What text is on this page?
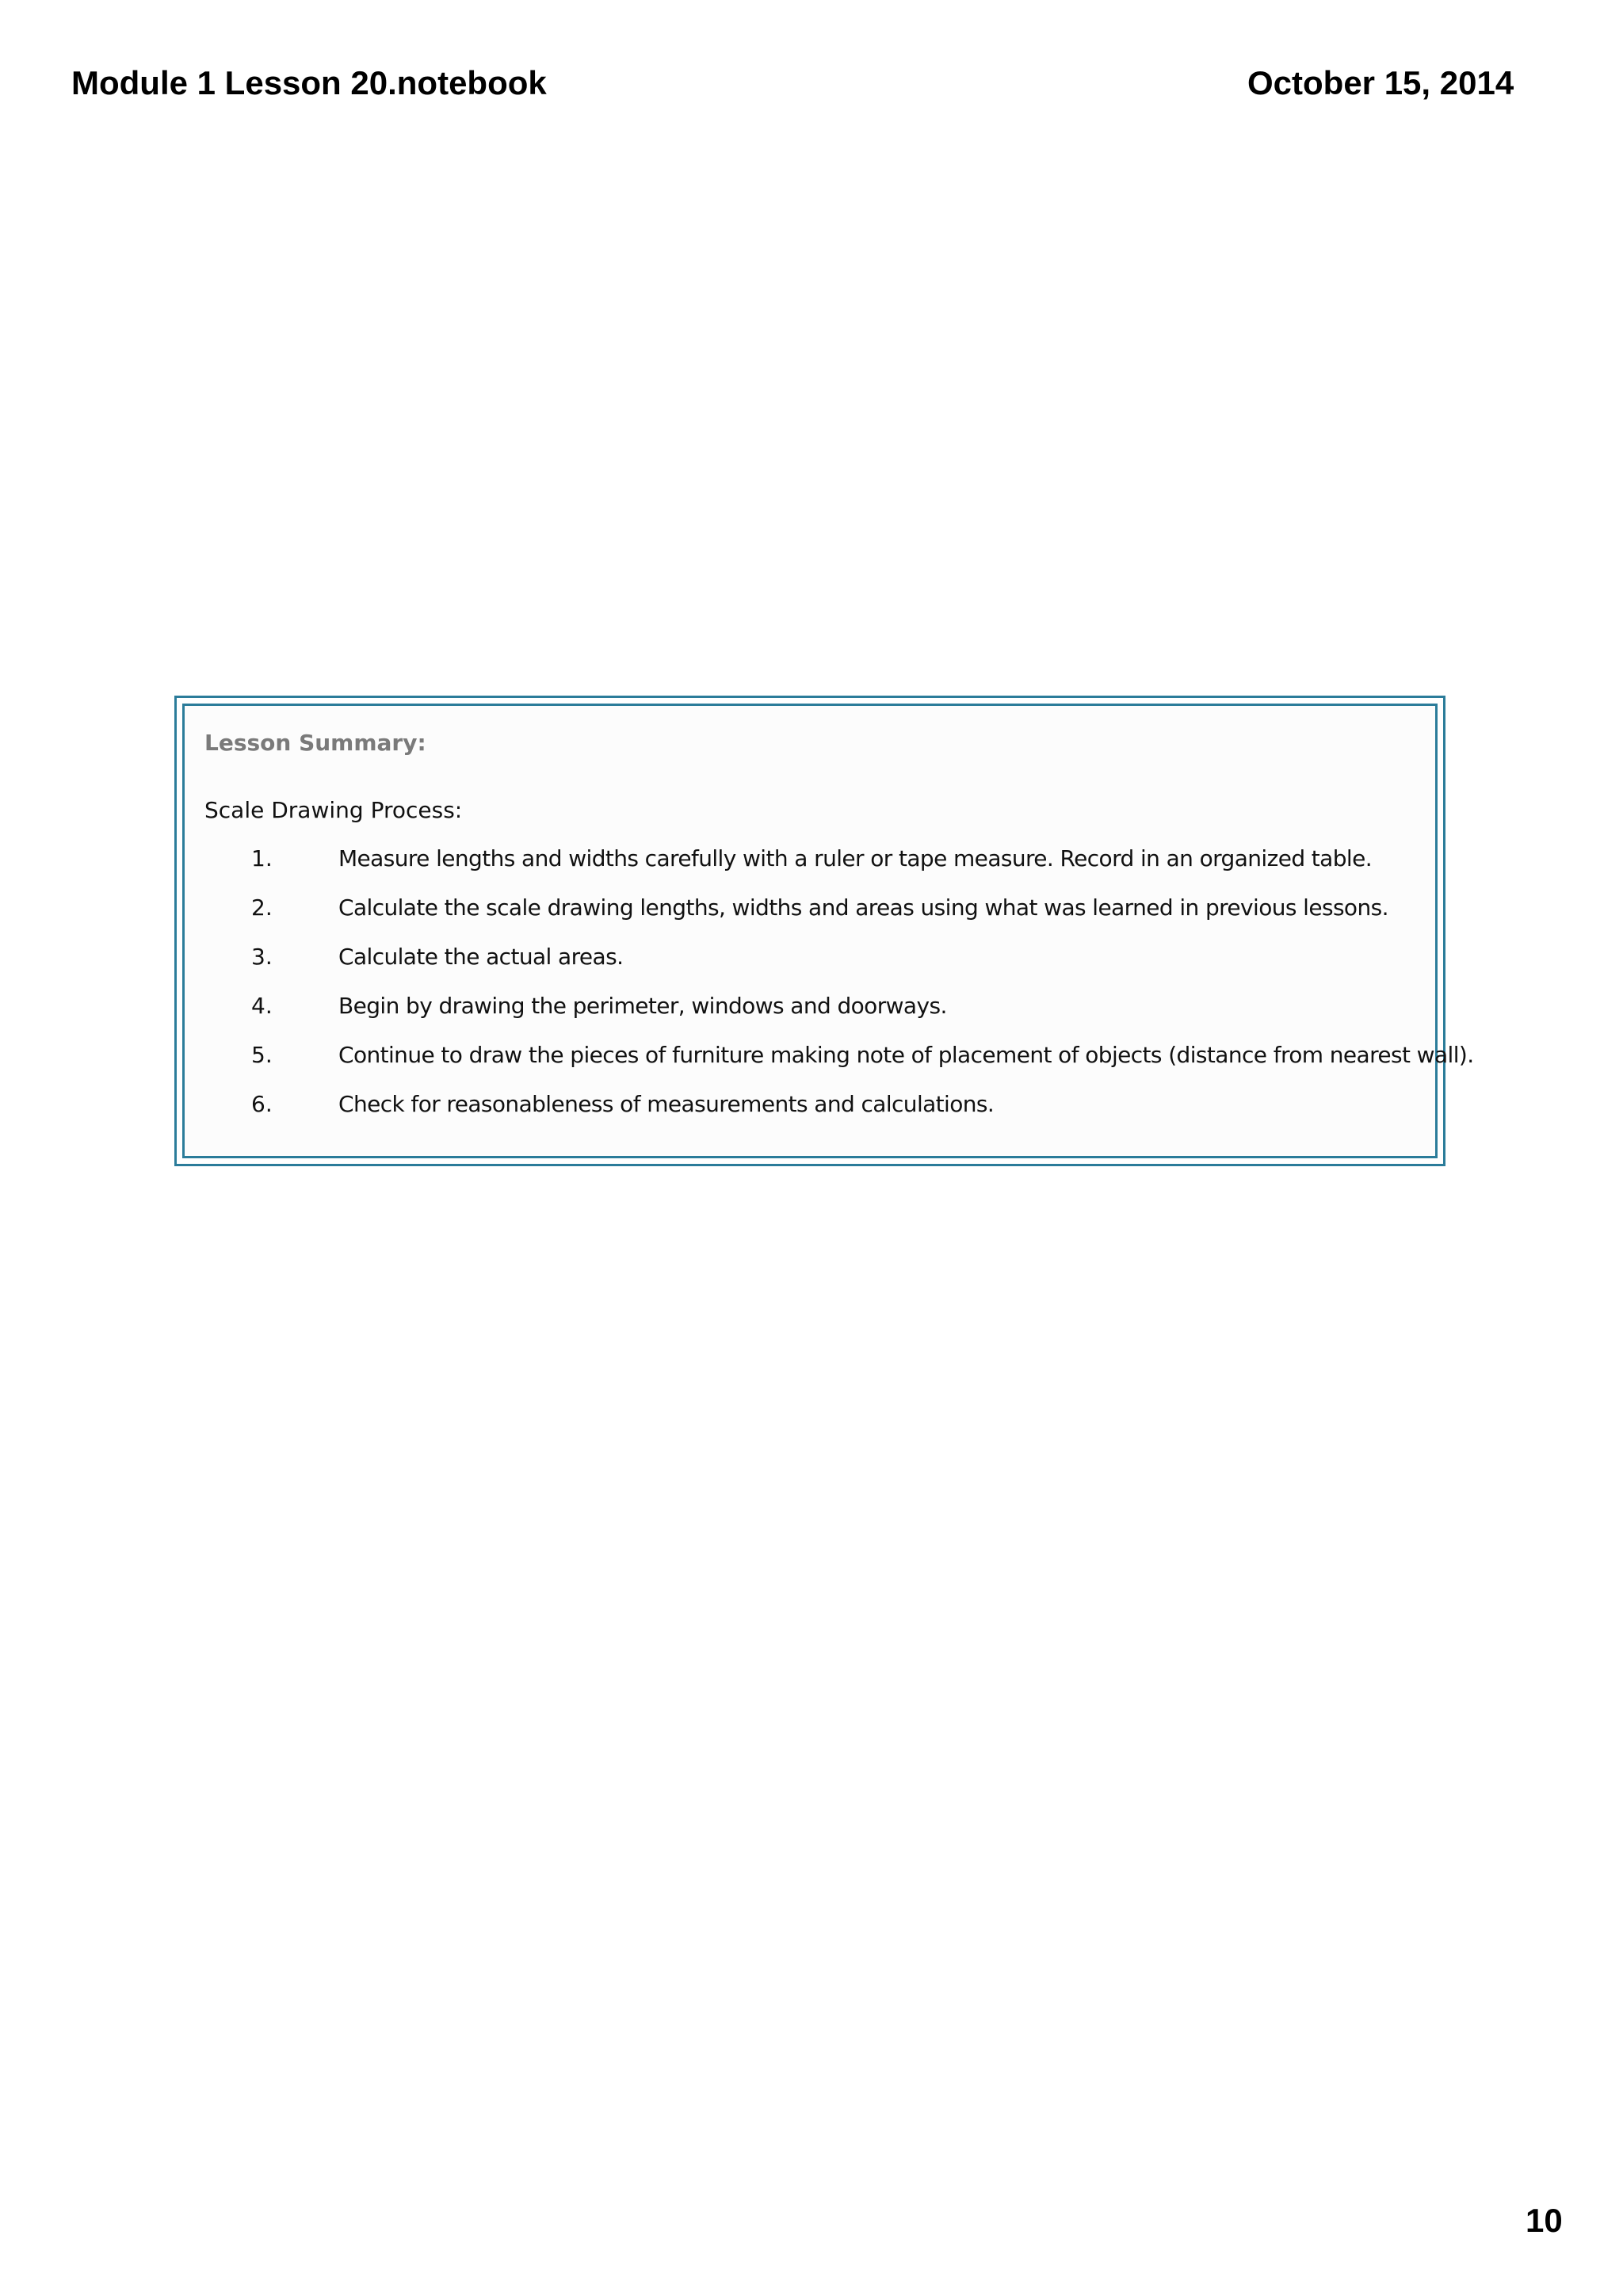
Module 1 Lesson 20.notebook	October 15, 2014
Lesson Summary:
Scale Drawing Process:
1.	Measure lengths and widths carefully with a ruler or tape measure. Record in an organized table.
2.	Calculate the scale drawing lengths, widths and areas using what was learned in previous lessons.
3.	Calculate the actual areas.
4.	Begin by drawing the perimeter, windows and doorways.
5.	Continue to draw the pieces of furniture making note of placement of objects (distance from nearest wall).
6.	Check for reasonableness of measurements and calculations.
10
